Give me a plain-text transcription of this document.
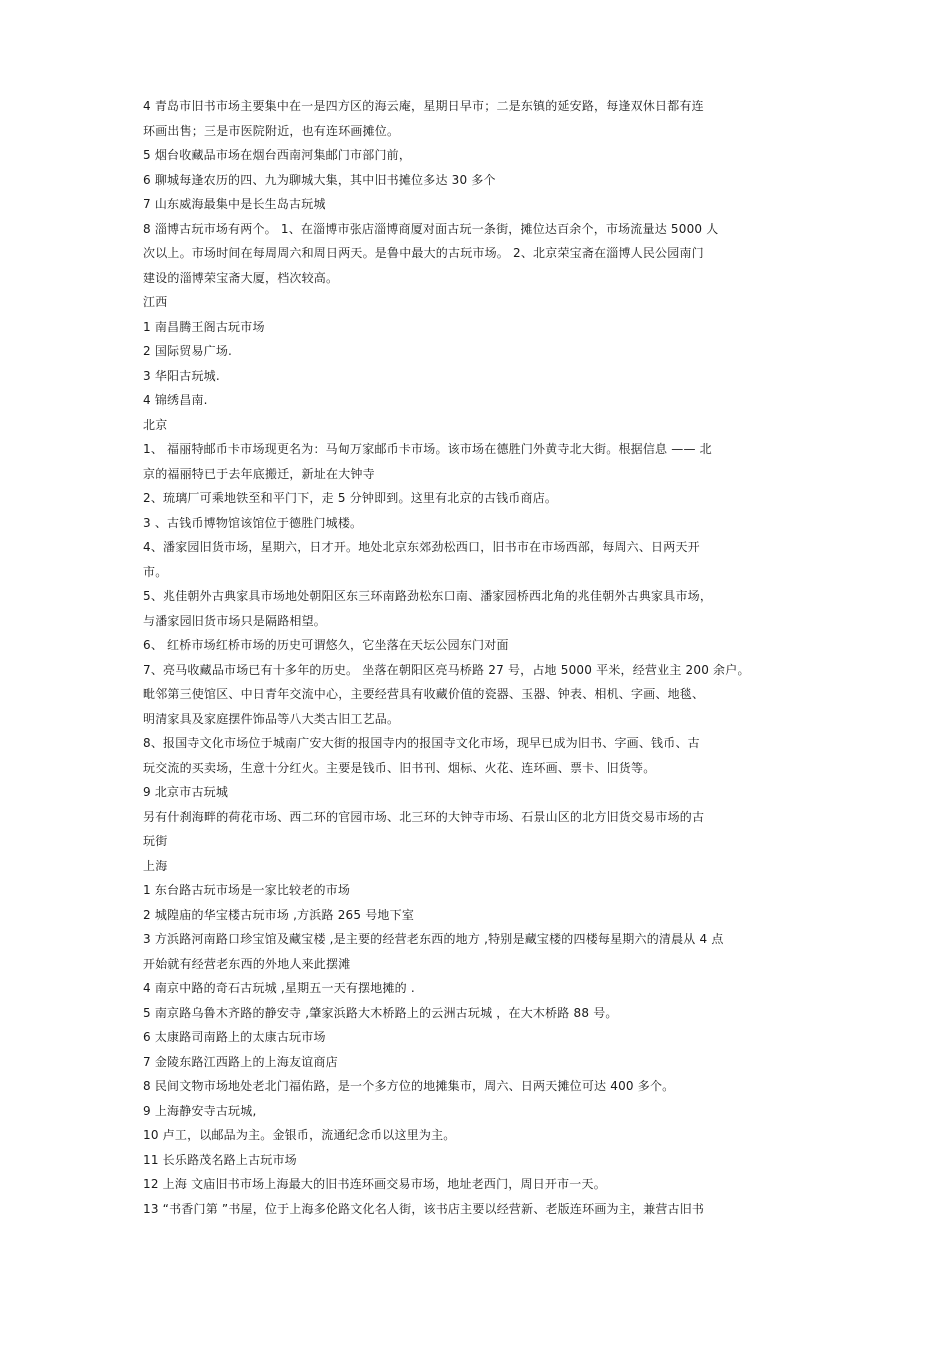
4 青岛市旧书市场主要集中在一是四方区的海云庵，星期日早市；二是东镇的延安路，每逢双休日都有连
环画出售；三是市医院附近，也有连环画摊位。
5 烟台收藏品市场在烟台西南河集邮门市部门前，
6 聊城每逢农历的四、九为聊城大集，其中旧书摊位多达 30 多个
7 山东威海最集中是长生岛古玩城
8 淄博古玩市场有两个。 1、在淄博市张店淄博商厦对面古玩一条街，摊位达百余个，市场流量达 5000 人
次以上。市场时间在每周周六和周日两天。是鲁中最大的古玩市场。 2、北京荣宝斋在淄博人民公园南门
建设的淄博荣宝斋大厦，档次较高。
江西
1 南昌腾王阁古玩市场
2 国际贸易广场.
3 华阳古玩城.
4 锦绣昌南.
北京
1、 福丽特邮币卡市场现更名为：马甸万家邮币卡市场。该市场在德胜门外黄寺北大街。根据信息 —— 北
京的福丽特已于去年底搬迁，新址在大钟寺
2、琉璃厂可乘地铁至和平门下，走 5 分钟即到。这里有北京的古钱币商店。
3 、古钱币博物馆该馆位于德胜门城楼。
4、潘家园旧货市场，星期六，日才开。地处北京东郊劲松西口，旧书市在市场西部，每周六、日两天开
市。
5、兆佳朝外古典家具市场地处朝阳区东三环南路劲松东口南、潘家园桥西北角的兆佳朝外古典家具市场，
与潘家园旧货市场只是隔路相望。
6、 红桥市场红桥市场的历史可谓悠久，它坐落在天坛公园东门对面
7、亮马收藏品市场已有十多年的历史。 坐落在朝阳区亮马桥路 27 号，占地 5000 平米，经营业主 200 余户。
毗邻第三使馆区、中日青年交流中心，主要经营具有收藏价值的瓷器、玉器、钟表、相机、字画、地毯、
明清家具及家庭摆件饰品等八大类古旧工艺品。
8、报国寺文化市场位于城南广安大街的报国寺内的报国寺文化市场，现早已成为旧书、字画、钱币、古
玩交流的买卖场，生意十分红火。主要是钱币、旧书刊、烟标、火花、连环画、票卡、旧货等。
9 北京市古玩城
另有什刹海畔的荷花市场、西二环的官园市场、北三环的大钟寺市场、石景山区的北方旧货交易市场的古
玩街
上海
1 东台路古玩市场是一家比较老的市场
2 城隍庙的华宝楼古玩市场 ,方浜路 265 号地下室
3 方浜路河南路口珍宝馆及藏宝楼 ,是主要的经营老东西的地方 ,特别是藏宝楼的四楼每星期六的清晨从 4 点
开始就有经营老东西的外地人来此摆滩
4 南京中路的奇石古玩城 ,星期五一天有摆地摊的 .
5 南京路乌鲁木齐路的静安寺 ,肇家浜路大木桥路上的云洲古玩城 ，在大木桥路 88 号。
6 太康路司南路上的太康古玩市场
7 金陵东路江西路上的上海友谊商店
8 民间文物市场地处老北门福佑路，是一个多方位的地摊集市，周六、日两天摊位可达 400 多个。
9 上海静安寺古玩城,
10 卢工，以邮品为主。金银币，流通纪念币以这里为主。
11 长乐路茂名路上古玩市场
12 上海 文庙旧书市场上海最大的旧书连环画交易市场，地址老西门，周日开市一天。
13 “书香门第 ”书屋，位于上海多伦路文化名人街，该书店主要以经营新、老版连环画为主，兼营古旧书
